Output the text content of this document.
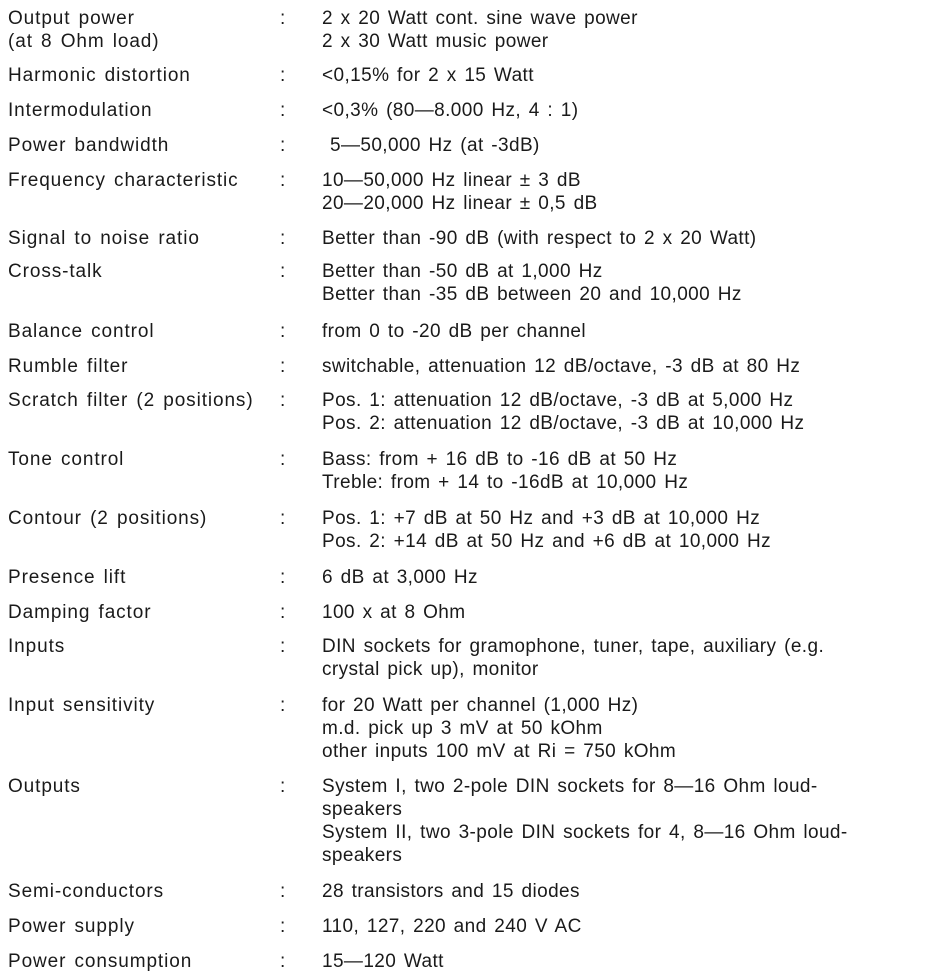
Output power
(at 8 Ohm load)
: 2 x 20 Watt cont. sine wave power
2 x 30 Watt music power
Harmonic distortion	: <0,15% for 2 x 15 Watt
Intermodulation	: <0,3% (80—8.000 Hz, 4 : 1)
Power bandwidth	: 5—50,000 Hz (at -3dB)
Frequency characteristic	: 10—50,000 Hz linear ± 3 dB
20—20,000 Hz linear ± 0,5 dB
Signal to noise ratio	: Better than -90 dB (with respect to 2 x 20 Watt)
Cross-talk	: Better than -50 dB at 1,000 Hz
Better than -35 dB between 20 and 10,000 Hz
Balance control	: from 0 to -20 dB per channel
Rumble filter	: switchable, attenuation 12 dB/octave, -3 dB at 80 Hz
Scratch filter (2 positions)	: Pos. 1: attenuation 12 dB/octave, -3 dB at 5,000 Hz
Pos. 2: attenuation 12 dB/octave, -3 dB at 10,000 Hz
Tone control	: Bass: from + 16 dB to -16 dB at 50 Hz
Treble: from + 14 to -16dB at 10,000 Hz
Contour (2 positions)	: Pos. 1: +7 dB at 50 Hz and +3 dB at 10,000 Hz
Pos. 2: +14 dB at 50 Hz and +6 dB at 10,000 Hz
Presence lift	: 6 dB at 3,000 Hz
Damping factor	: 100 x at 8 Ohm
Inputs	: DIN sockets for gramophone, tuner, tape, auxiliary (e.g.
crystal pick up), monitor
Input sensitivity	: for 20 Watt per channel (1,000 Hz)
m.d. pick up 3 mV at 50 kOhm
other inputs 100 mV at Ri = 750 kOhm
Outputs	: System I, two 2-pole DIN sockets for 8—16 Ohm loud-
speakers
System II, two 3-pole DIN sockets for 4, 8—16 Ohm loud-
speakers
Semi-conductors	: 28 transistors and 15 diodes
Power supply	: 110, 127, 220 and 240 V AC
Power consumption	: 15—120 Watt
